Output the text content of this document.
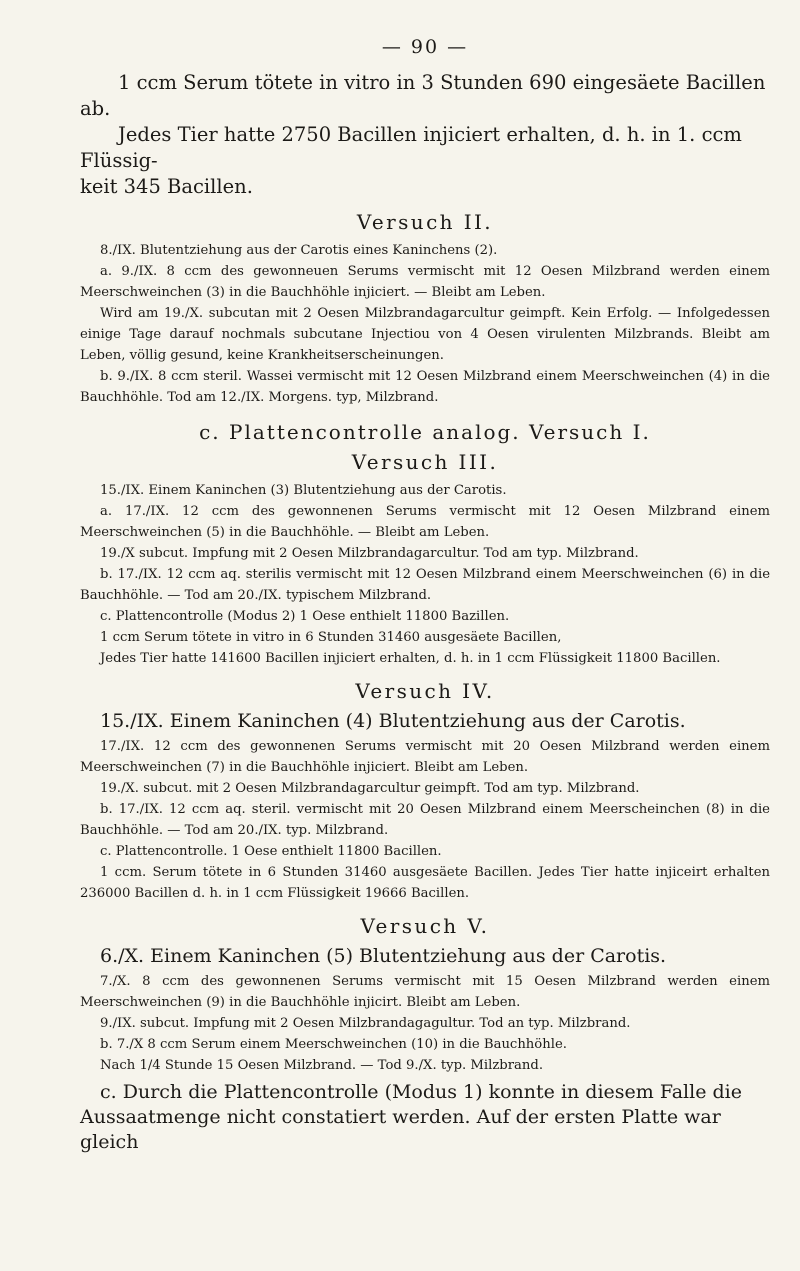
— 90 —

1 ccm Serum tötete in vitro in 3 Stunden 690 eingesäete Bacillen ab.

Jedes Tier hatte 2750 Bacillen injiciert erhalten, d. h. in 1. ccm Flüssig-

keit 345 Bacillen.

Versuch II.

8./IX. Blutentziehung aus der Carotis eines Kaninchens (2).

a. 9./IX. 8 ccm des gewonneuen Serums vermischt mit 12 Oesen Milzbrand werden einem Meerschweinchen (3) in die Bauchhöhle injiciert. — Bleibt am Leben.

Wird am 19./X. subcutan mit 2 Oesen Milzbrandagarcultur geimpft. Kein Erfolg. — Infolgedessen einige Tage darauf nochmals subcutane Injectiou von 4 Oesen virulenten Milzbrands. Bleibt am Leben, völlig gesund, keine Krankheitserscheinungen.

b. 9./IX. 8 ccm steril. Wassei vermischt mit 12 Oesen Milzbrand einem Meerschweinchen (4) in die Bauchhöhle. Tod am 12./IX. Morgens. typ, Milzbrand.

c. Plattencontrolle analog. Versuch I.
Versuch III.

15./IX. Einem Kaninchen (3) Blutentziehung aus der Carotis.

a. 17./IX. 12 ccm des gewonnenen Serums vermischt mit 12 Oesen Milzbrand einem Meerschweinchen (5) in die Bauchhöhle. — Bleibt am Leben.

19./X subcut. Impfung mit 2 Oesen Milzbrandagarcultur. Tod am typ. Milzbrand.

b. 17./IX. 12 ccm aq. sterilis vermischt mit 12 Oesen Milzbrand einem Meerschweinchen (6) in die Bauchhöhle. — Tod am 20./IX. typischem Milzbrand.

c. Plattencontrolle (Modus 2) 1 Oese enthielt 11800 Bazillen.

1 ccm Serum tötete in vitro in 6 Stunden 31460 ausgesäete Bacillen,

Jedes Tier hatte 141600 Bacillen injiciert erhalten, d. h. in 1 ccm Flüssigkeit 11800 Bacillen.

Versuch IV.

15./IX. Einem Kaninchen (4) Blutentziehung aus der Carotis.

17./IX. 12 ccm des gewonnenen Serums vermischt mit 20 Oesen Milzbrand werden einem Meerschweinchen (7) in die Bauchhöhle injiciert. Bleibt am Leben.

19./X. subcut. mit 2 Oesen Milzbrandagarcultur geimpft. Tod am typ. Milzbrand.

b. 17./IX. 12 ccm aq. steril. vermischt mit 20 Oesen Milzbrand einem Meerscheinchen (8) in die Bauchhöhle. — Tod am 20./IX. typ. Milzbrand.

c. Plattencontrolle. 1 Oese enthielt 11800 Bacillen.

1 ccm. Serum tötete in 6 Stunden 31460 ausgesäete Bacillen. Jedes Tier hatte injiceirt erhalten 236000 Bacillen d. h. in 1 ccm Flüssigkeit 19666 Bacillen.

Versuch V.

6./X. Einem Kaninchen (5) Blutentziehung aus der Carotis.

7./X. 8 ccm des gewonnenen Serums vermischt mit 15 Oesen Milzbrand werden einem Meerschweinchen (9) in die Bauchhöhle injicirt. Bleibt am Leben.

9./IX. subcut. Impfung mit 2 Oesen Milzbrandagagultur. Tod an typ. Milzbrand.

b. 7./X 8 ccm Serum einem Meerschweinchen (10) in die Bauchhöhle.

Nach 1/4 Stunde 15 Oesen Milzbrand. — Tod 9./X. typ. Milzbrand.

c. Durch die Plattencontrolle (Modus 1) konnte in diesem Falle die

Aussaatmenge nicht constatiert werden. Auf der ersten Platte war gleich
